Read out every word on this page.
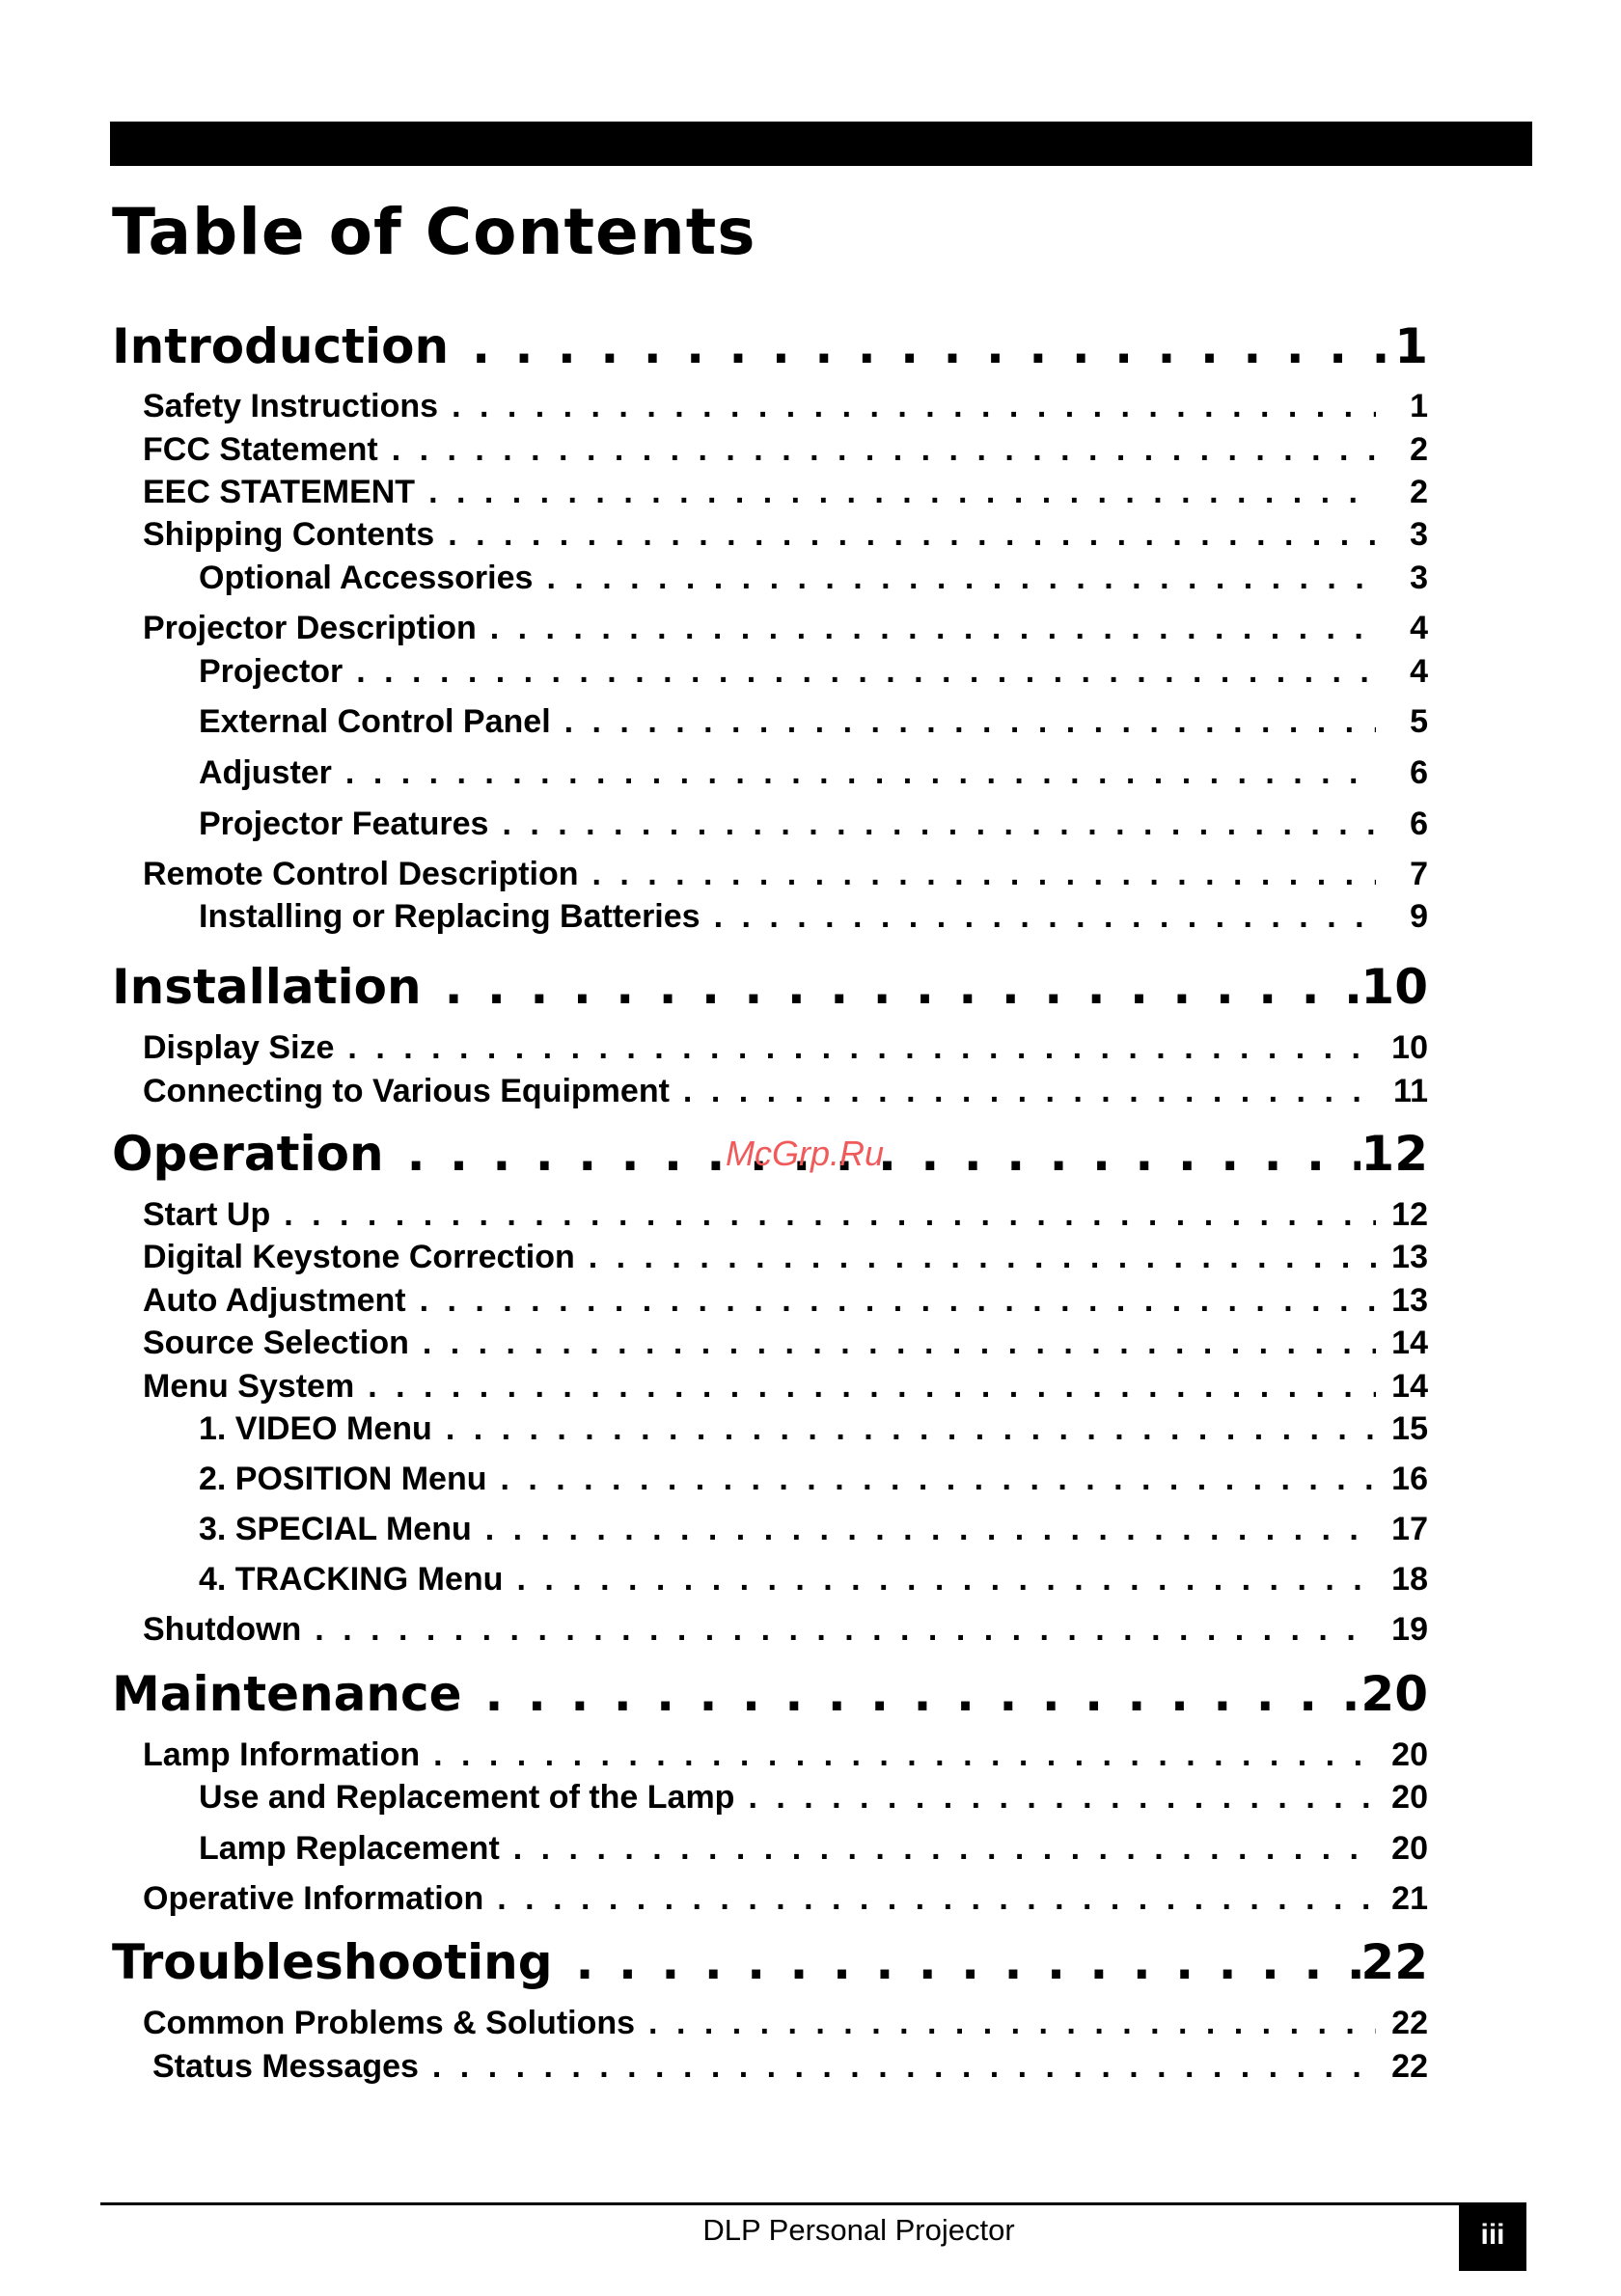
Table of Contents
Introduction . . .	1
Safety Instructions . . .	1
FCC Statement . . .	2
EEC STATEMENT . . .	2
Shipping Contents . . .	3
Optional Accessories . . .	3
Projector Description . . .	4
Projector . . .	4
External Control Panel . . .	5
Adjuster . . .	6
Projector Features . . .	6
Remote Control Description . . .	7
Installing or Replacing Batteries . . .	9
Installation . . .	10
Display Size . . .	10
Connecting to Various Equipment . . .	11
Operation . . .	12
Start Up . . .	12
Digital Keystone Correction . . .	13
Auto Adjustment . . .	13
Source Selection . . .	14
Menu System . . .	14
1. VIDEO Menu . . .	15
2. POSITION Menu . . .	16
3. SPECIAL Menu . . .	17
4. TRACKING Menu . . .	18
Shutdown . . .	19
Maintenance . . .	20
Lamp Information . . .	20
Use and Replacement of the Lamp . . .	20
Lamp Replacement . . .	20
Operative Information . . .	21
Troubleshooting . . .	22
Common Problems & Solutions . . .	22
Status Messages . . .	22
McGrp.Ru
DLP Personal Projector	iii
